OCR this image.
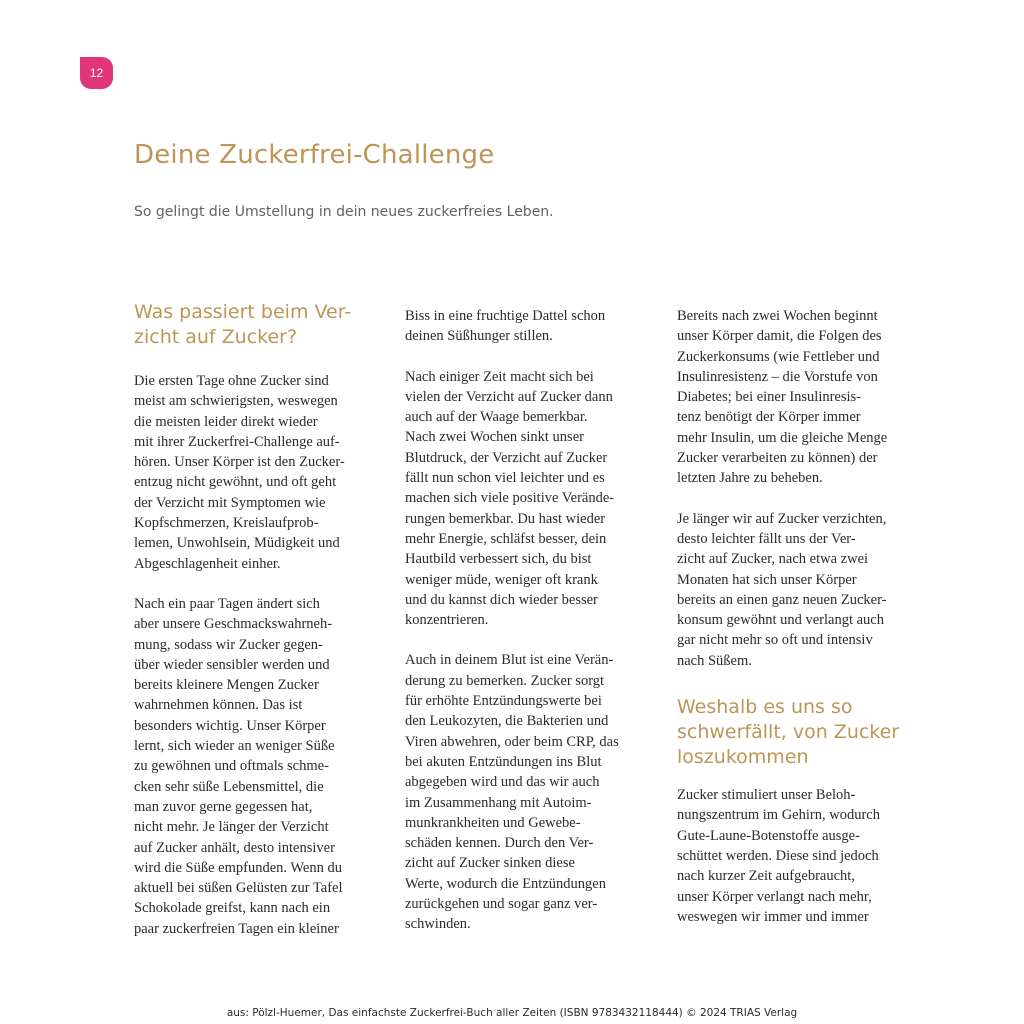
12
Deine Zuckerfrei-Challenge

So gelingt die Umstellung in dein neues zuckerfreies Leben.

Was passiert beim Ver-
zicht auf Zucker?

Die ersten Tage ohne Zucker sind
meist am schwierigsten, weswegen
die meisten leider direkt wieder
mit ihrer Zuckerfrei-Challenge auf-
hören. Unser Körper ist den Zucker-
entzug nicht gewöhnt, und oft geht
der Verzicht mit Symptomen wie
Kopfschmerzen, Kreislaufprob-
lemen, Unwohlsein, Müdigkeit und
Abgeschlagenheit einher.

Nach ein paar Tagen ändert sich
aber unsere Geschmackswahrneh-
mung, sodass wir Zucker gegen-
über wieder sensibler werden und
bereits kleinere Mengen Zucker
wahrnehmen können. Das ist
besonders wichtig. Unser Körper
lernt, sich wieder an weniger Süße
zu gewöhnen und oftmals schme-
cken sehr süße Lebensmittel, die
man zuvor gerne gegessen hat,
nicht mehr. Je länger der Verzicht
auf Zucker anhält, desto intensiver
wird die Süße empfunden. Wenn du
aktuell bei süßen Gelüsten zur Tafel
Schokolade greifst, kann nach ein
paar zuckerfreien Tagen ein kleiner

Biss in eine fruchtige Dattel schon
deinen Süßhunger stillen.

Nach einiger Zeit macht sich bei
vielen der Verzicht auf Zucker dann
auch auf der Waage bemerkbar.
Nach zwei Wochen sinkt unser
Blutdruck, der Verzicht auf Zucker
fällt nun schon viel leichter und es
machen sich viele positive Verände-
rungen bemerkbar. Du hast wieder
mehr Energie, schläfst besser, dein
Hautbild verbessert sich, du bist
weniger müde, weniger oft krank
und du kannst dich wieder besser
konzentrieren.

Auch in deinem Blut ist eine Verän-
derung zu bemerken. Zucker sorgt
für erhöhte Entzündungswerte bei
den Leukozyten, die Bakterien und
Viren abwehren, oder beim CRP, das
bei akuten Entzündungen ins Blut
abgegeben wird und das wir auch
im Zusammenhang mit Autoim-
munkrankheiten und Gewebe-
schäden kennen. Durch den Ver-
zicht auf Zucker sinken diese
Werte, wodurch die Entzündungen
zurückgehen und sogar ganz ver-
schwinden.

Bereits nach zwei Wochen beginnt
unser Körper damit, die Folgen des
Zuckerkonsums (wie Fettleber und
Insulinresistenz – die Vorstufe von
Diabetes; bei einer Insulinresis-
tenz benötigt der Körper immer
mehr Insulin, um die gleiche Menge
Zucker verarbeiten zu können) der
letzten Jahre zu beheben.

Je länger wir auf Zucker verzichten,
desto leichter fällt uns der Ver-
zicht auf Zucker, nach etwa zwei
Monaten hat sich unser Körper
bereits an einen ganz neuen Zucker-
konsum gewöhnt und verlangt auch
gar nicht mehr so oft und intensiv
nach Süßem.

Weshalb es uns so
schwerfällt, von Zucker
loszukommen

Zucker stimuliert unser Beloh-
nungszentrum im Gehirn, wodurch
Gute-Laune-Botenstoffe ausge-
schüttet werden. Diese sind jedoch
nach kurzer Zeit aufgebraucht,
unser Körper verlangt nach mehr,
weswegen wir immer und immer

aus: Pölzl-Huemer, Das einfachste Zuckerfrei-Buch aller Zeiten (ISBN 9783432118444) © 2024 TRIAS Verlag
